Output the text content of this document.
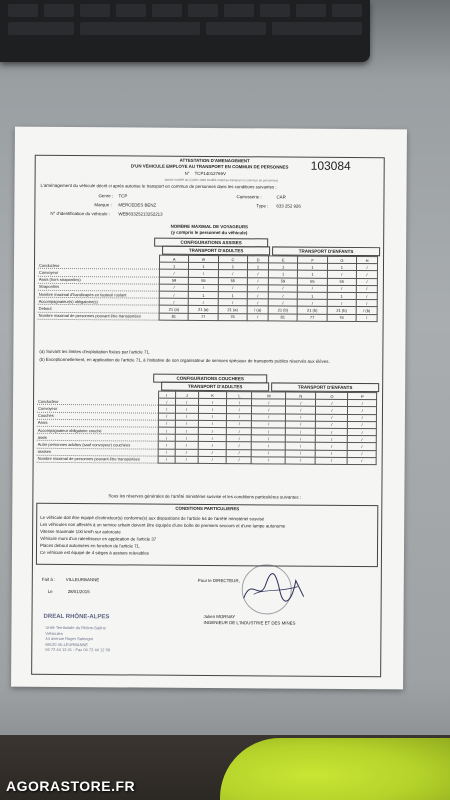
ATTESTATION D'AMENAGEMENT
D'UN VEHICULE EMPLOYE AU TRANSPORT EN COMMUN DE PERSONNES	103084
N° TCP14012769V
(article modifié du 2 juillet 1982 modifié relatif au transport en commun de personnes)
L'aménagement du véhicule décrit ci après autorise le transport en commun de personnes dans les conditions suivantes :
Genre : TCP	Carrosserie :	CAR
Marque : MERCEDES BENZ	Type : 633 252 926
N° d'identification du véhicule : WEB63325213252213
NOMBRE MAXIMAL DE VOYAGEURS
(y compris le personnel du véhicule)
CONFIGURATIONS ASSISES
TRANSPORT D'ADULTES	TRANSPORT D'ENFANTS
	A	B	C	D	E	F	G	H
Conducteur	1	1	1	1	1	1	1	/
Convoyeur	/	/	/	/	1	1	/	/
Assis (hors strapontins)	59	55	55	/	59	55	55	/
Strapontins	/	/	/	/	/	/	/	/
Nombre maximal d'handicapés en fauteuil roulant	/	1	1	/	/	1	1	/
Accompagnateur(s) obligatoire(s)	/	/	/	/	/	/	/	/
Debout	21 (a)	21 (a)	21 (a)	/ (a)	21 (b)	21 (b)	21 (b)	/ (b)
Nombre maximal de personnes pouvant être transportées	81	77	76	/	81	77	76	/
(a) Suivant les limites d'exploitation fixées par l'article 71.
(b) Exceptionnellement, en application de l'article 71, à l'initiative de son organisateur de services spéciaux de transports publics réservés aux élèves.
CONFIGURATIONS COUCHEES
TRANSPORT D'ADULTES	TRANSPORT D'ENFANTS
	I	J	K	L	M	N	O	P
Conducteur	/	/	/	/	/	/	/	/
Convoyeur	/	/	/	/	/	/	/	/
Couchés	/	/	/	/	/	/	/	/
Assis	/	/	/	/	/	/	/	/
Accompagnateur obligatoire couché	/	/	/	/	/	/	/	/
assis	/	/	/	/	/	/	/	/
Autre personnes adultes (sauf convoyeur) couchées	/	/	/	/	/	/	/	/
assises	/	/	/	/	/	/	/	/
Nombre maximal de personnes pouvant être transportées	/	/	/	/	/	/	/	/
Sous les réserves générales de l'arrêté ministériel susvisé et les conditions particulières suivantes :
CONDITIONS PARTICULIERES
Le véhicule doit être équipé d'extincteur(s) conforme(s) aux dispositions de l'article 64 de l'arrêté ministériel susvisé
Les véhicules non affectés à un service urbain doivent être équipés d'une boîte de premiers secours et d'une lampe autonome
Vitesse maximale 100 km/h sur autoroute
Véhicule muni d'un ralentisseur en application de l'article 37
Places debout autorisées en fonction de l'article 71.
Ce véhicule est équipé de 4 sièges à assises relevables
Fait à : VILLEURBANNE
Le	28/01/2015
Pour le DIRECTEUR,
Julien MORNAY
INGENIEUR DE L'INDUSTRIE ET DES MINES
DREAL RHÔNE-ALPES
Unité Territoriale du Rhône-Saône
Véhicules
44 avenue Roger Salengro
69120 VILLEURBANNE
04 72 44 12 41 - Fax 04 72 44 12 59
AGORASTORE.FR
